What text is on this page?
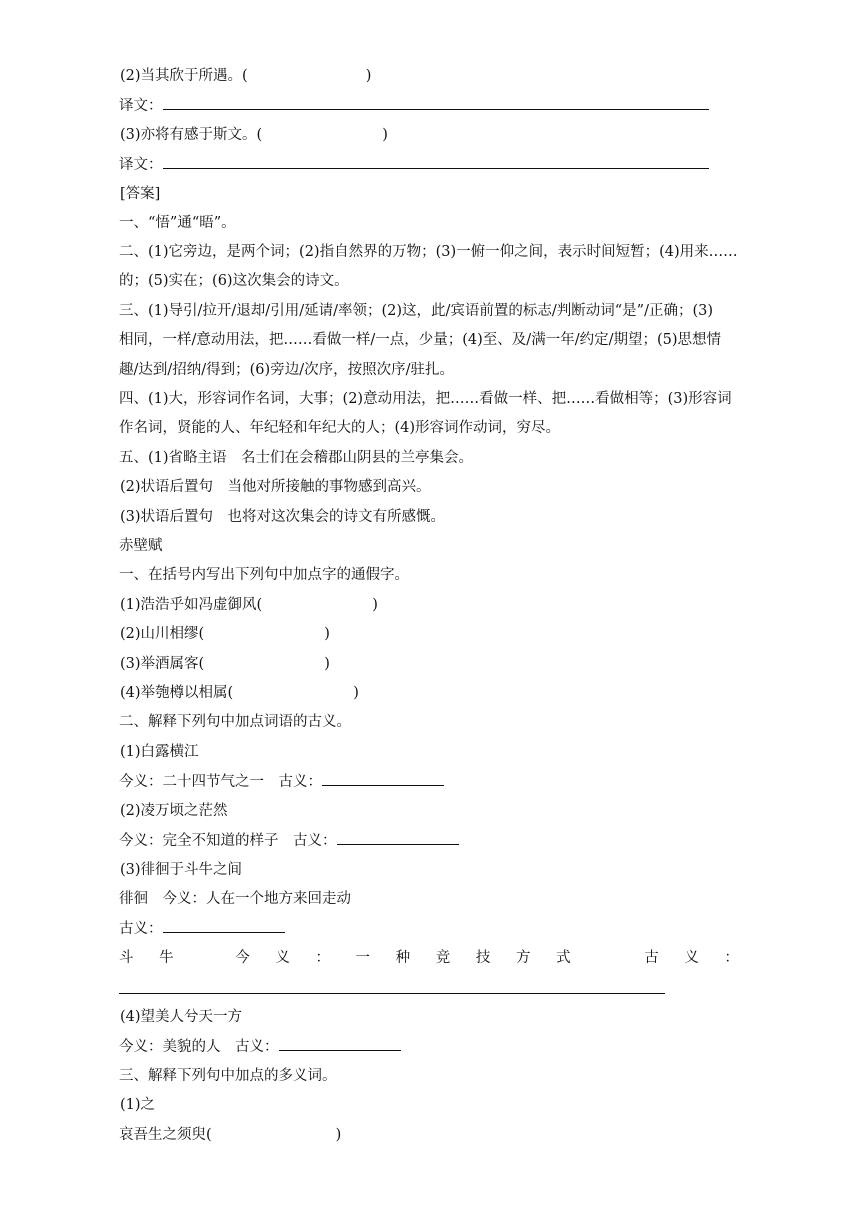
(2)当其欣于所遇。(	)
译文：
(3)亦将有感于斯文。(	)
译文：
[答案]
一、“悟”通“晤”。
二、(1)它旁边，是两个词；(2)指自然界的万物；(3)一俯一仰之间，表示时间短暂；(4)用来……
的；(5)实在；(6)这次集会的诗文。
三、(1)导引/拉开/退却/引用/延请/率领；(2)这，此/宾语前置的标志/判断动词“是”/正确；(3)
相同，一样/意动用法，把……看做一样/一点，少量；(4)至、及/满一年/约定/期望；(5)思想情
趣/达到/招纳/得到；(6)旁边/次序，按照次序/驻扎。
四、(1)大，形容词作名词，大事；(2)意动用法，把……看做一样、把……看做相等；(3)形容词
作名词，贤能的人、年纪轻和年纪大的人；(4)形容词作动词，穷尽。
五、(1)省略主语　名士们在会稽郡山阴县的兰亭集会。
(2)状语后置句　当他对所接触的事物感到高兴。
(3)状语后置句　也将对这次集会的诗文有所感慨。
赤壁赋
一、在括号内写出下列句中加点字的通假字。
(1)浩浩乎如冯虚御风(	)
(2)山川相缪(	)
(3)举酒属客(	)
(4)举匏樽以相属(	)
二、解释下列句中加点词语的古义。
(1)白露横江
今义：二十四节气之一　古义：
(2)凌万顷之茫然
今义：完全不知道的样子　古义：
(3)徘徊于斗牛之间
徘徊　今义：人在一个地方来回走动
古义：
斗 牛	今 义 ： 一 种 竞 技 方 式	古 义 ：
(4)望美人兮天一方
今义：美貌的人　古义：
三、解释下列句中加点的多义词。
(1)之
哀吾生之须臾(	)
